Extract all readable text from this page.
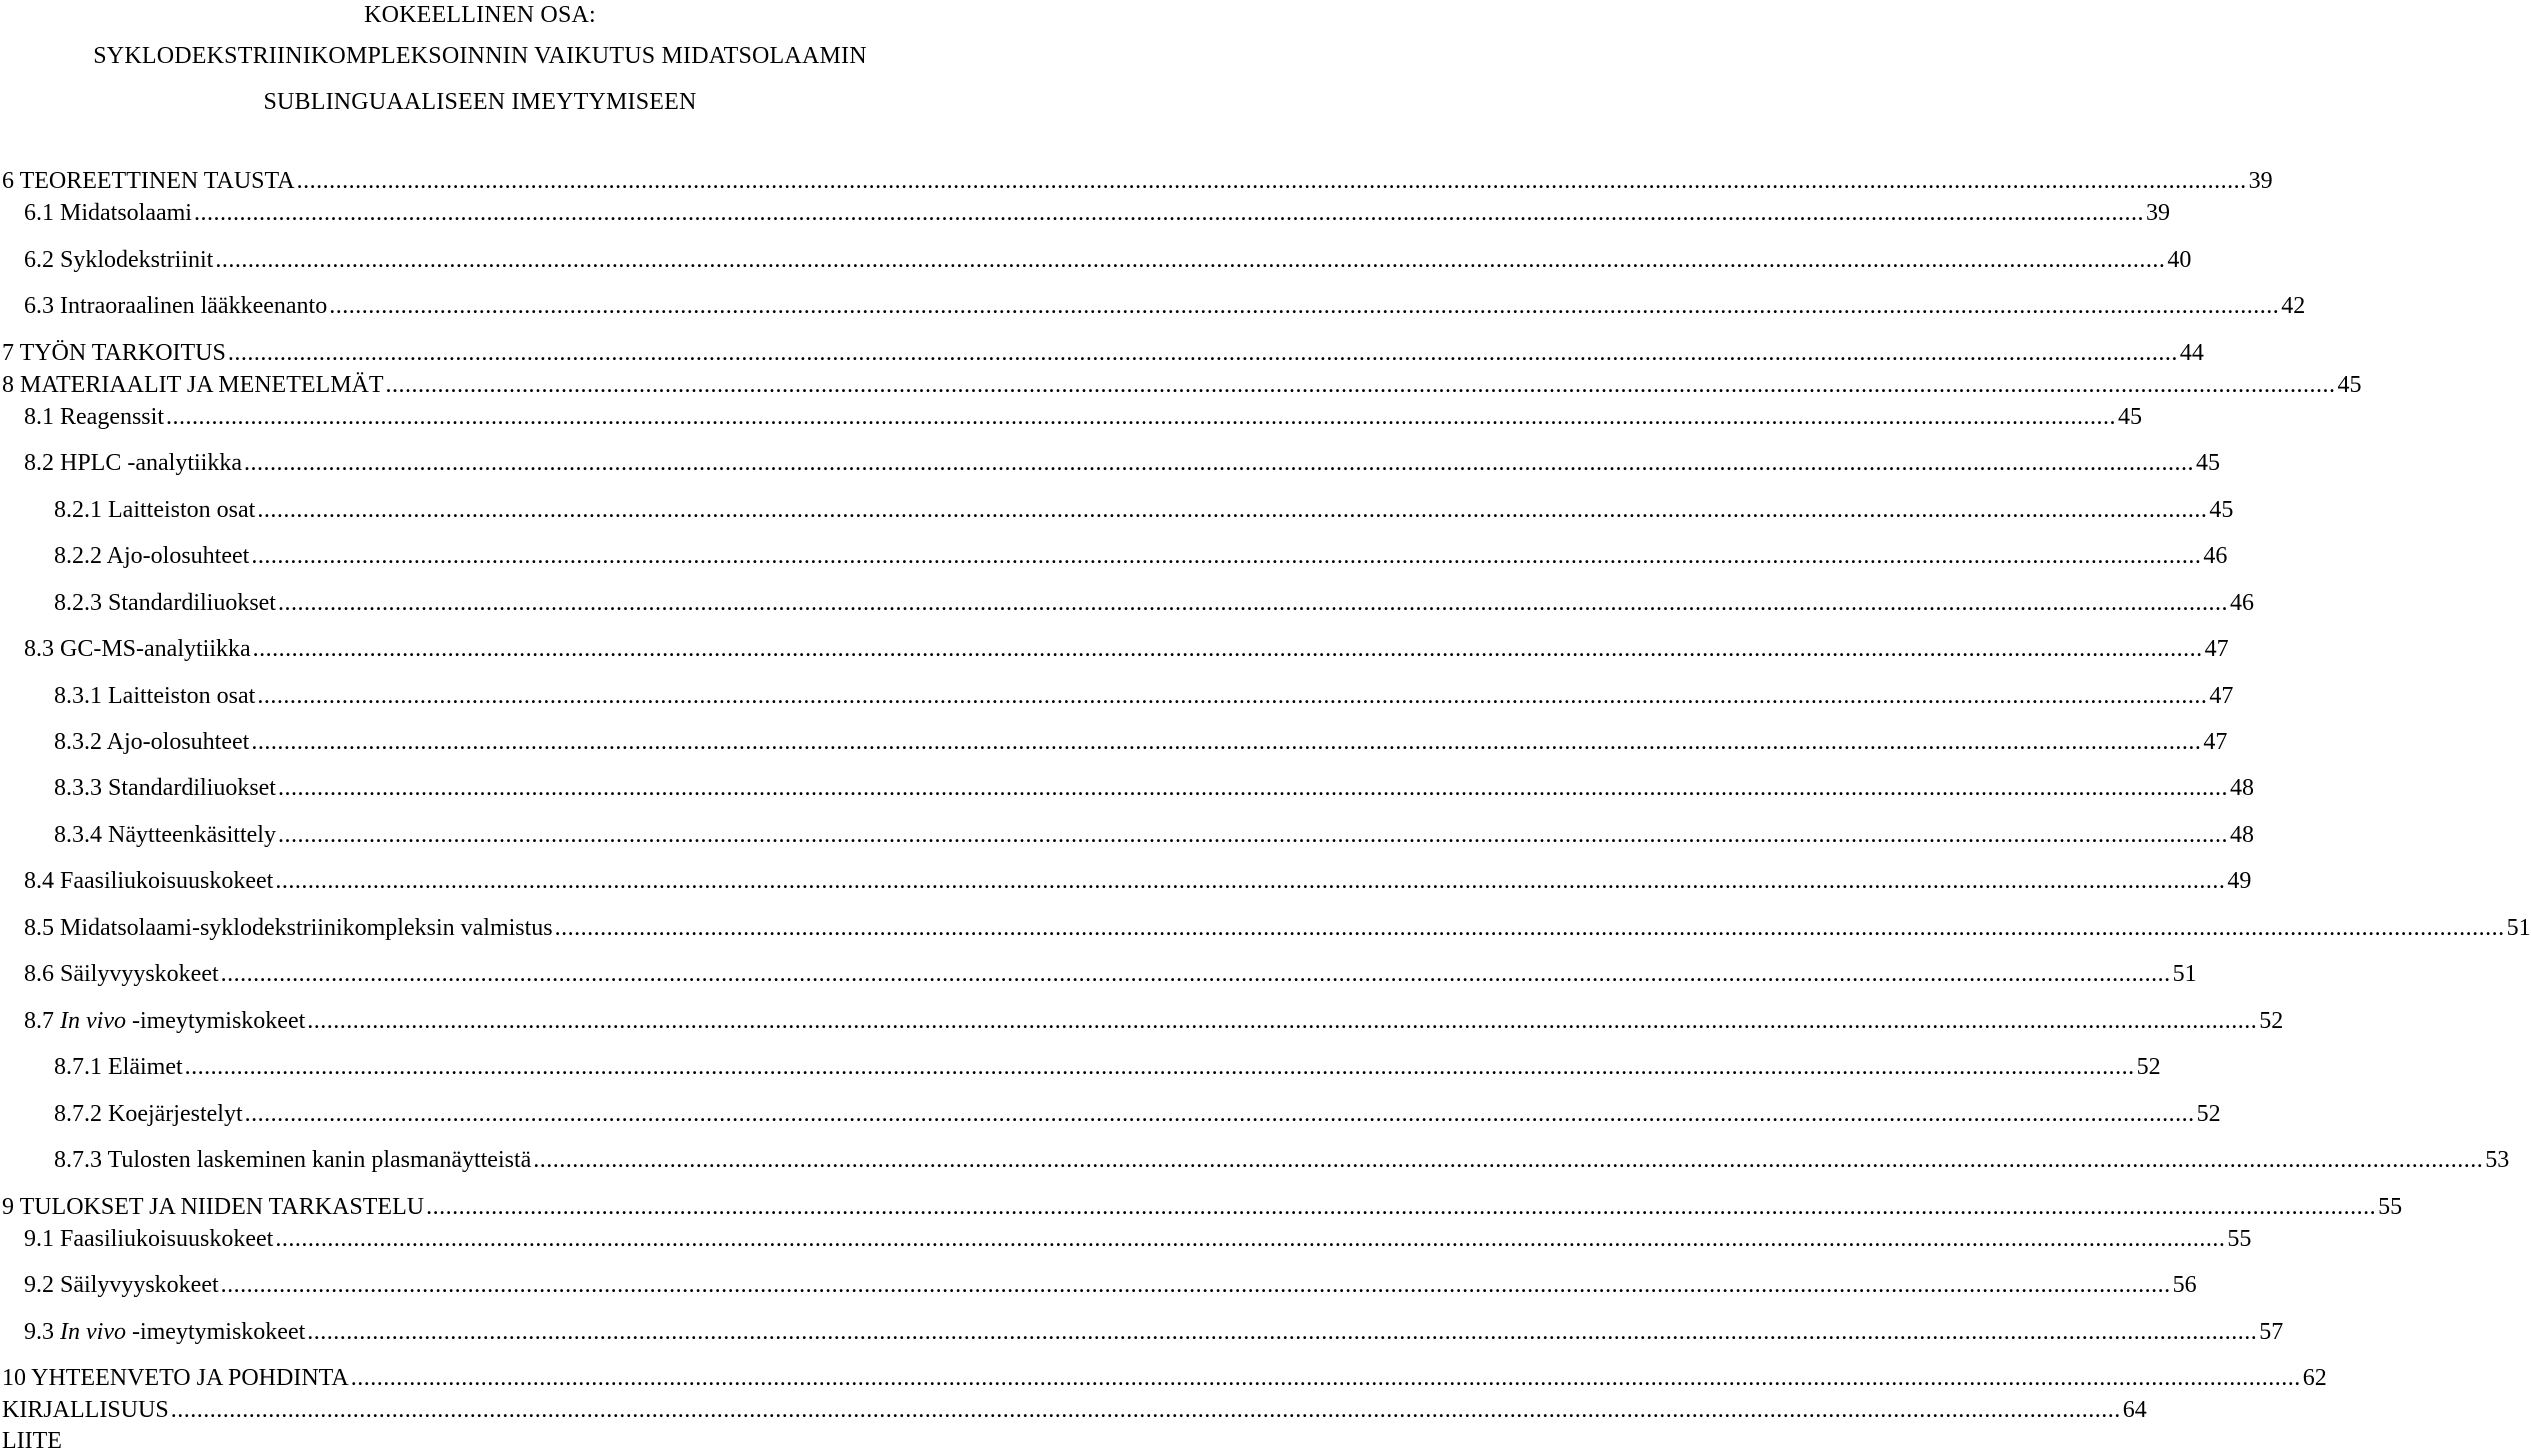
KOKEELLINEN OSA:
SYKLODEKSTRIINIKOMPLEKSOINNIN VAIKUTUS MIDATSOLAAMIN
SUBLINGUAALISEEN IMEYTYMISEEN
6 TEOREETTINEN TAUSTA ............................................................................................................................................................................................................................................................................................................ 39
6.1 Midatsolaami ............................................................................................................................................................................................................................................................................................................ 39
6.2 Syklodekstriinit ............................................................................................................................................................................................................................................................................................................ 40
6.3 Intraoraalinen lääkkeenanto ............................................................................................................................................................................................................................................................................................................ 42
7 TYÖN TARKOITUS ............................................................................................................................................................................................................................................................................................................ 44
8 MATERIAALIT JA MENETELMÄT ............................................................................................................................................................................................................................................................................................................ 45
8.1 Reagenssit ............................................................................................................................................................................................................................................................................................................ 45
8.2 HPLC -analytiikka ............................................................................................................................................................................................................................................................................................................ 45
8.2.1 Laitteiston osat ............................................................................................................................................................................................................................................................................................................ 45
8.2.2 Ajo-olosuhteet ............................................................................................................................................................................................................................................................................................................ 46
8.2.3 Standardiliuokset ............................................................................................................................................................................................................................................................................................................ 46
8.3 GC-MS-analytiikka ............................................................................................................................................................................................................................................................................................................ 47
8.3.1 Laitteiston osat ............................................................................................................................................................................................................................................................................................................ 47
8.3.2 Ajo-olosuhteet ............................................................................................................................................................................................................................................................................................................ 47
8.3.3 Standardiliuokset ............................................................................................................................................................................................................................................................................................................ 48
8.3.4 Näytteenkäsittely ............................................................................................................................................................................................................................................................................................................ 48
8.4 Faasiliukoisuuskokeet ............................................................................................................................................................................................................................................................................................................ 49
8.5 Midatsolaami-syklodekstriinikompleksin valmistus ............................................................................................................................................................................................................................................................................................................ 51
8.6 Säilyvyyskokeet ............................................................................................................................................................................................................................................................................................................ 51
8.7 In vivo -imeytymiskokeet ............................................................................................................................................................................................................................................................................................................ 52
8.7.1 Eläimet ............................................................................................................................................................................................................................................................................................................ 52
8.7.2 Koejärjestelyt ............................................................................................................................................................................................................................................................................................................ 52
8.7.3 Tulosten laskeminen kanin plasmanäytteistä ............................................................................................................................................................................................................................................................................................................ 53
9 TULOKSET JA NIIDEN TARKASTELU ............................................................................................................................................................................................................................................................................................................ 55
9.1 Faasiliukoisuuskokeet ............................................................................................................................................................................................................................................................................................................ 55
9.2 Säilyvyyskokeet ............................................................................................................................................................................................................................................................................................................ 56
9.3 In vivo -imeytymiskokeet ............................................................................................................................................................................................................................................................................................................ 57
10 YHTEENVETO JA POHDINTA ............................................................................................................................................................................................................................................................................................................ 62
KIRJALLISUUS ............................................................................................................................................................................................................................................................................................................ 64
LIITE
